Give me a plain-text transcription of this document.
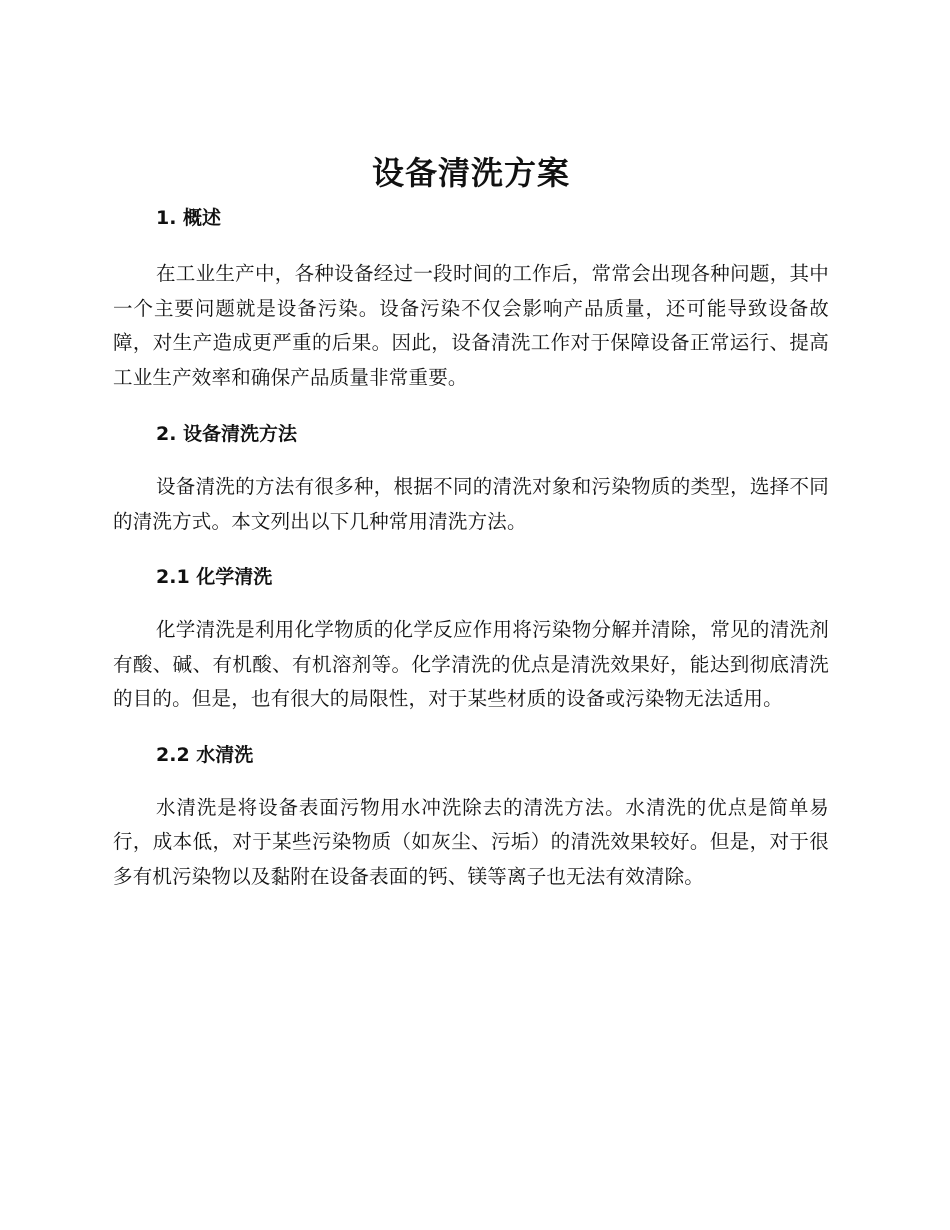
设备清洗方案
1. 概述

在工业生产中，各种设备经过一段时间的工作后，常常会出现各种问题，其中一个主要问题就是设备污染。设备污染不仅会影响产品质量，还可能导致设备故障，对生产造成更严重的后果。因此，设备清洗工作对于保障设备正常运行、提高工业生产效率和确保产品质量非常重要。

2. 设备清洗方法

设备清洗的方法有很多种，根据不同的清洗对象和污染物质的类型，选择不同的清洗方式。本文列出以下几种常用清洗方法。

2.1 化学清洗

化学清洗是利用化学物质的化学反应作用将污染物分解并清除，常见的清洗剂有酸、碱、有机酸、有机溶剂等。化学清洗的优点是清洗效果好，能达到彻底清洗的目的。但是，也有很大的局限性，对于某些材质的设备或污染物无法适用。

2.2 水清洗

水清洗是将设备表面污物用水冲洗除去的清洗方法。水清洗的优点是简单易行，成本低，对于某些污染物质（如灰尘、污垢）的清洗效果较好。但是，对于很多有机污染物以及黏附在设备表面的钙、镁等离子也无法有效清除。
